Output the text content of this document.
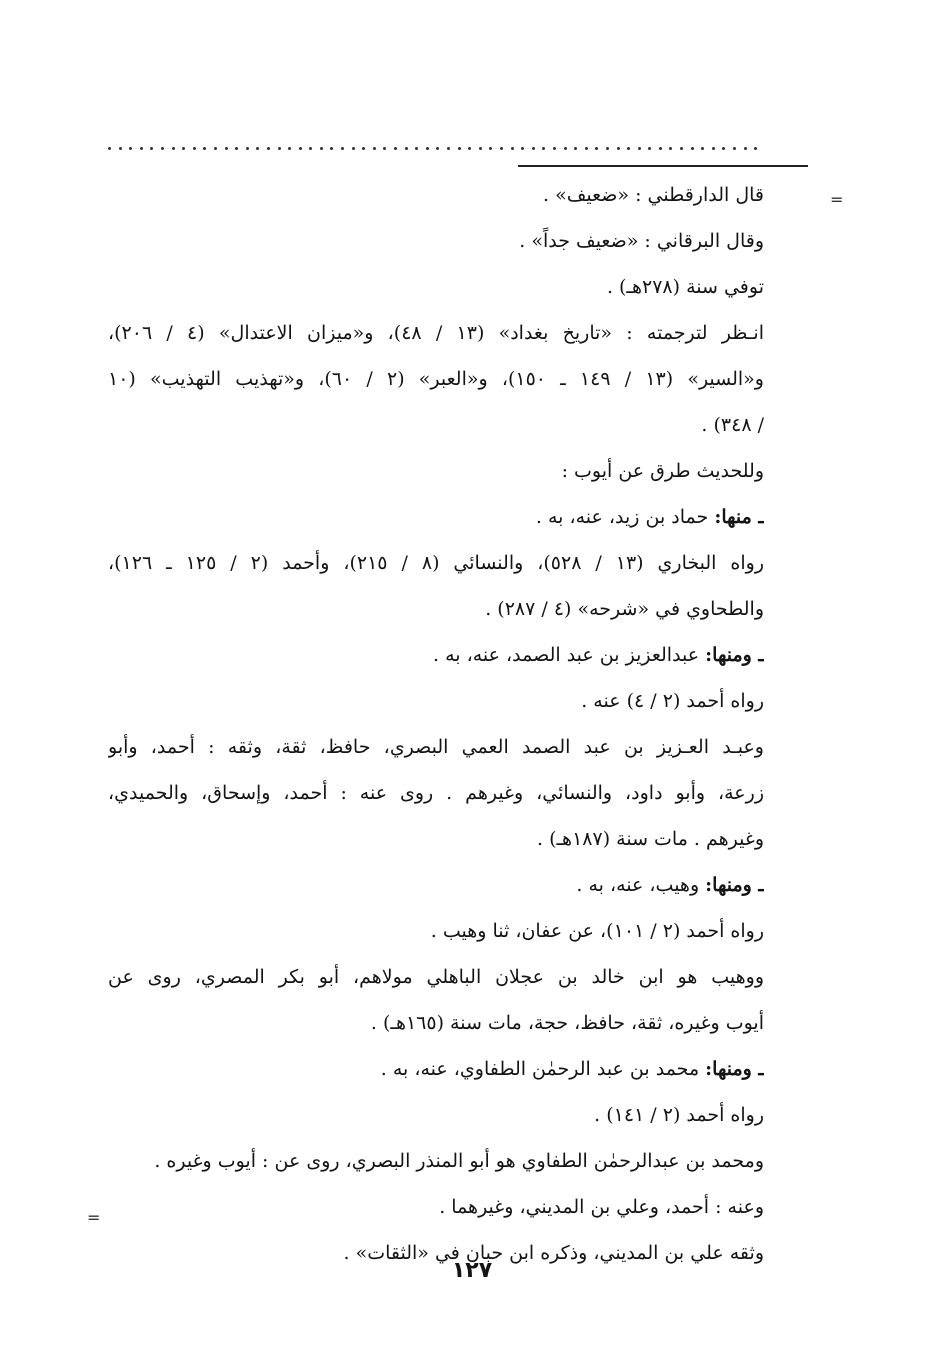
=
=

قال الدارقطني : «ضعيف» .

وقال البرقاني : «ضعيف جداً» .

توفي سنة (٢٧٨هـ) .

انـظر لترجمته : «تاريخ بغداد» (١٣ / ٤٨)، و«ميزان الاعتدال» (٤ / ٢٠٦)،

و«السير» (١٣ / ١٤٩ ـ ١٥٠)، و«العبر» (٢ / ٦٠)، و«تهذيب التهذيب» (١٠

/ ٣٤٨) .

وللحديث طرق عن أيوب :

ـ منها: حماد بن زيد، عنه، به .

رواه البخاري (١٣ / ٥٢٨)، والنسائي (٨ / ٢١٥)، وأحمد (٢ / ١٢٥ ـ ١٢٦)،

والطحاوي في «شرحه» (٤ / ٢٨٧) .

ـ ومنها: عبدالعزيز بن عبد الصمد، عنه، به .

رواه أحمد (٢ / ٤) عنه .

وعبـد العـزيز بن عبد الصمد العمي البصري، حافظ، ثقة، وثقه : أحمد، وأبو

زرعة، وأبو داود، والنسائي، وغيرهم . روى عنه : أحمد، وإسحاق، والحميدي،

وغيرهم . مات سنة (١٨٧هـ) .

ـ ومنها: وهيب، عنه، به .

رواه أحمد (٢ / ١٠١)، عن عفان، ثنا وهيب .

ووهيب هو ابن خالد بن عجلان الباهلي مولاهم، أبو بكر المصري، روى عن

أيوب وغيره، ثقة، حافظ، حجة، مات سنة (١٦٥هـ) .

ـ ومنها: محمد بن عبد الرحمٰن الطفاوي، عنه، به .

رواه أحمد (٢ / ١٤١) .

ومحمد بن عبدالرحمٰن الطفاوي هو أبو المنذر البصري، روى عن : أيوب وغيره .

وعنه : أحمد، وعلي بن المديني، وغيرهما .

وثقه علي بن المديني، وذكره ابن حبان في «الثقات» .

١٢٧
